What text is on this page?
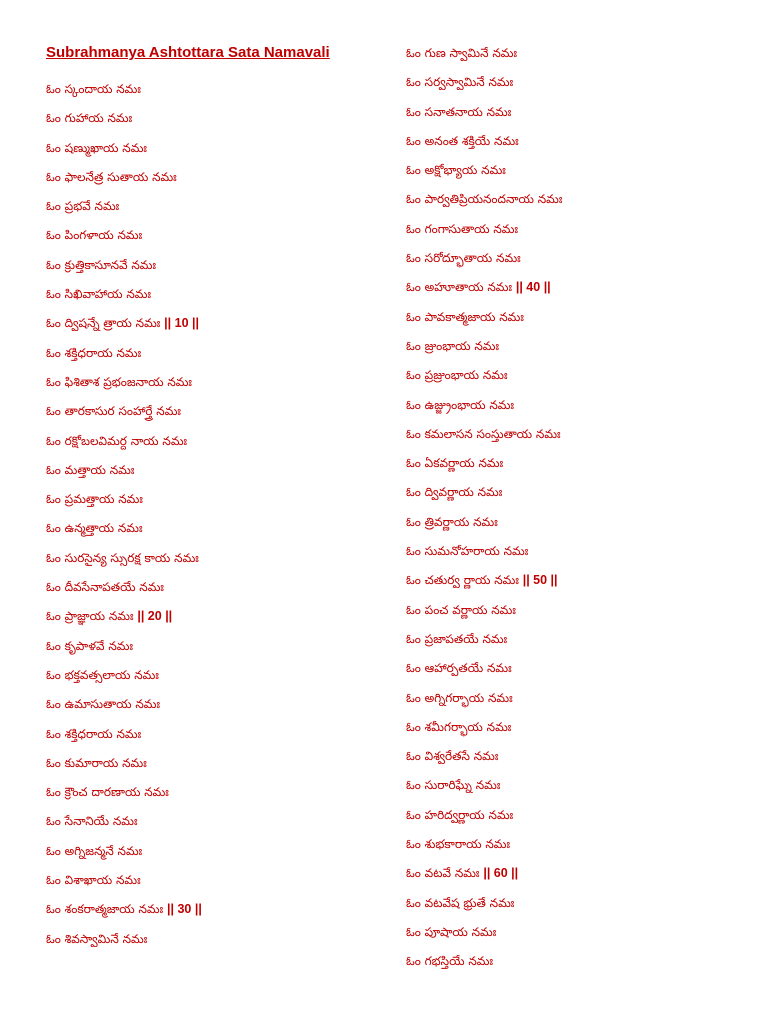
Subrahmanya Ashtottara Sata Namavali
ఓం స్కందాయ నమః
ఓం గుహాయ నమః
ఓం షణ్ముఖాయ నమః
ఓం ఫాలనేత్ర సుతాయ నమః
ఓం ప్రభవే నమః
ఓం పింగళాయ నమః
ఓం క్రుత్తికాసూనవే నమః
ఓం సిఖివాహాయ నమః
ఓం ద్విషన్నే త్రాయ నమః || 10 ||
ఓం శక్తిధరాయ నమః
ఓం ఫిశితాశ ప్రభంజనాయ నమః
ఓం తారకాసుర సంహార్త్రే నమః
ఓం రక్షోబలవిమర్ద నాయ నమః
ఓం మత్తాయ నమః
ఓం ప్రమత్తాయ నమః
ఓం ఉన్మత్తాయ నమః
ఓం సురసైన్య స్సురక్ష కాయ నమః
ఓం దీవసేనాపతయే నమః
ఓం ప్రాజ్ఞాయ నమః || 20 ||
ఓం కృపాళవే నమః
ఓం భక్తవత్సలాయ నమః
ఓం ఉమాసుతాయ నమః
ఓం శక్తిధరాయ నమః
ఓం కుమారాయ నమః
ఓం క్రౌంచ దారణాయ నమః
ఓం సేనానియే నమః
ఓం అగ్నిజన్మనే నమః
ఓం విశాఖాయ నమః
ఓం శంకరాత్మజాయ నమః || 30 ||
ఓం శివస్వామినే నమః
ఓం గుణ స్వామినే నమః
ఓం సర్వస్వామినే నమః
ఓం సనాతనాయ నమః
ఓం అనంత శక్తియే నమః
ఓం అక్షోభ్యాయ నమః
ఓం పార్వతిప్రియనందనాయ నమః
ఓం గంగాసుతాయ నమః
ఓం సరోద్భూతాయ నమః
ఓం అహూతాయ నమః || 40 ||
ఓం పావకాత్మజాయ నమః
ఓం జ్రుంభాయ నమః
ఓం ప్రజ్రుంభాయ నమః
ఓం ఉజ్జ్రుంభాయ నమః
ఓం కమలాసన సంస్తుతాయ నమః
ఓం ఏకవర్ణాయ నమః
ఓం ద్వివర్ణాయ నమః
ఓం త్రివర్ణాయ నమః
ఓం సుమనోహరాయ నమః
ఓం చతుర్వ ర్ణాయ నమః || 50 ||
ఓం పంచ వర్ణాయ నమః
ఓం ప్రజాపతయే నమః
ఓం ఆహార్పతయే నమః
ఓం అగ్నిగర్భాయ నమః
ఓం శమీగర్భాయ నమః
ఓం విశ్వరేతసే నమః
ఓం సురారిఘ్నే నమః
ఓం హరిద్వర్ణాయ నమః
ఓం శుభకారాయ నమః
ఓం వటవే నమః || 60 ||
ఓం వటవేష భ్రుతే నమః
ఓం పూషాయ నమః
ఓం గభస్తియే నమః
